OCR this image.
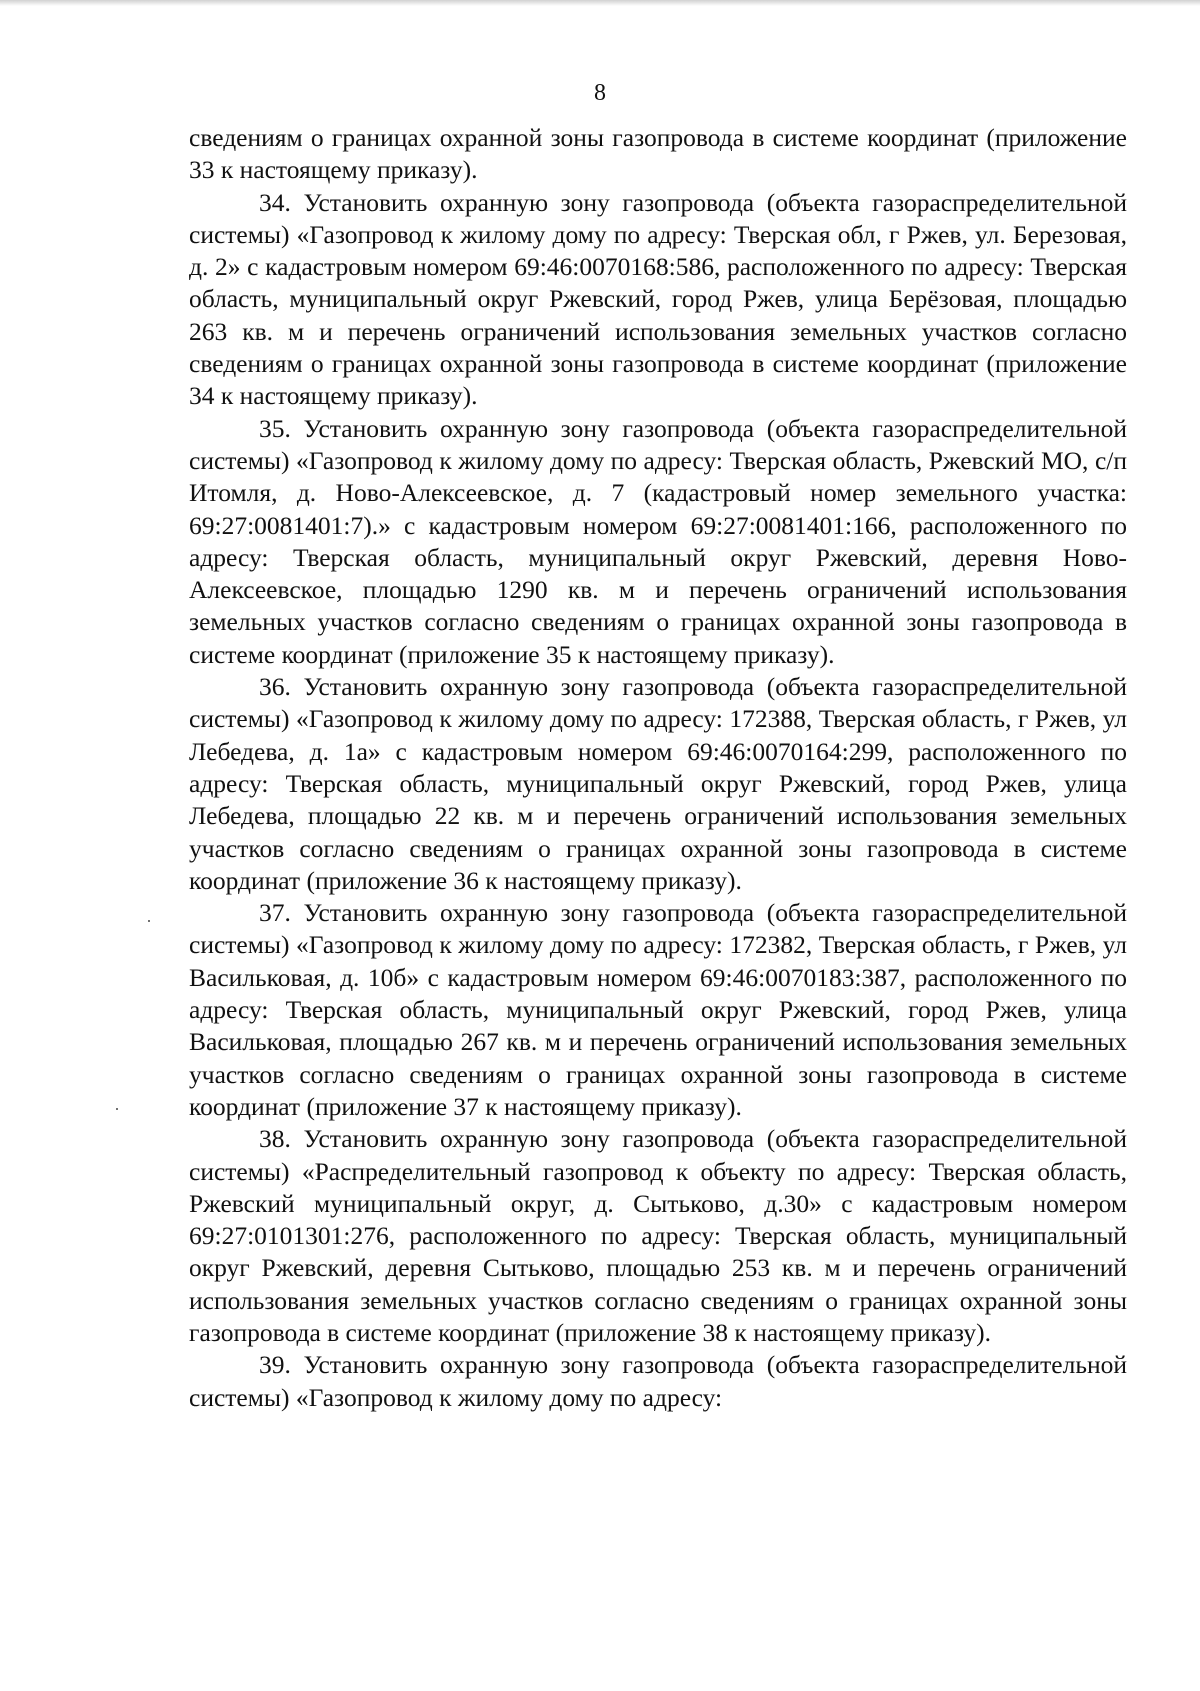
8

сведениям о границах охранной зоны газопровода в системе координат (приложение 33 к настоящему приказу).

34. Установить охранную зону газопровода (объекта газораспределительной системы) «Газопровод к жилому дому по адресу: Тверская обл, г Ржев, ул. Березовая, д. 2» с кадастровым номером 69:46:0070168:586, расположенного по адресу: Тверская область, муниципальный округ Ржевский, город Ржев, улица Берёзовая, площадью 263 кв. м и перечень ограничений использования земельных участков согласно сведениям о границах охранной зоны газопровода в системе координат (приложение 34 к настоящему приказу).

35. Установить охранную зону газопровода (объекта газораспределительной системы) «Газопровод к жилому дому по адресу: Тверская область, Ржевский МО, с/п Итомля, д. Ново-Алексеевское, д. 7 (кадастровый номер земельного участка: 69:27:0081401:7).» с кадастровым номером 69:27:0081401:166, расположенного по адресу: Тверская область, муниципальный округ Ржевский, деревня Ново-Алексеевское, площадью 1290 кв. м и перечень ограничений использования земельных участков согласно сведениям о границах охранной зоны газопровода в системе координат (приложение 35 к настоящему приказу).

36. Установить охранную зону газопровода (объекта газораспределительной системы) «Газопровод к жилому дому по адресу: 172388, Тверская область, г Ржев, ул Лебедева, д. 1а» с кадастровым номером 69:46:0070164:299, расположенного по адресу: Тверская область, муниципальный округ Ржевский, город Ржев, улица Лебедева, площадью 22 кв. м и перечень ограничений использования земельных участков согласно сведениям о границах охранной зоны газопровода в системе координат (приложение 36 к настоящему приказу).

37. Установить охранную зону газопровода (объекта газораспределительной системы) «Газопровод к жилому дому по адресу: 172382, Тверская область, г Ржев, ул Васильковая, д. 10б» с кадастровым номером 69:46:0070183:387, расположенного по адресу: Тверская область, муниципальный округ Ржевский, город Ржев, улица Васильковая, площадью 267 кв. м и перечень ограничений использования земельных участков согласно сведениям о границах охранной зоны газопровода в системе координат (приложение 37 к настоящему приказу).

38. Установить охранную зону газопровода (объекта газораспределительной системы) «Распределительный газопровод к объекту по адресу: Тверская область, Ржевский муниципальный округ, д. Сытьково, д.30» с кадастровым номером 69:27:0101301:276, расположенного по адресу: Тверская область, муниципальный округ Ржевский, деревня Сытьково, площадью 253 кв. м и перечень ограничений использования земельных участков согласно сведениям о границах охранной зоны газопровода в системе координат (приложение 38 к настоящему приказу).

39. Установить охранную зону газопровода (объекта газораспределительной системы) «Газопровод к жилому дому по адресу:
